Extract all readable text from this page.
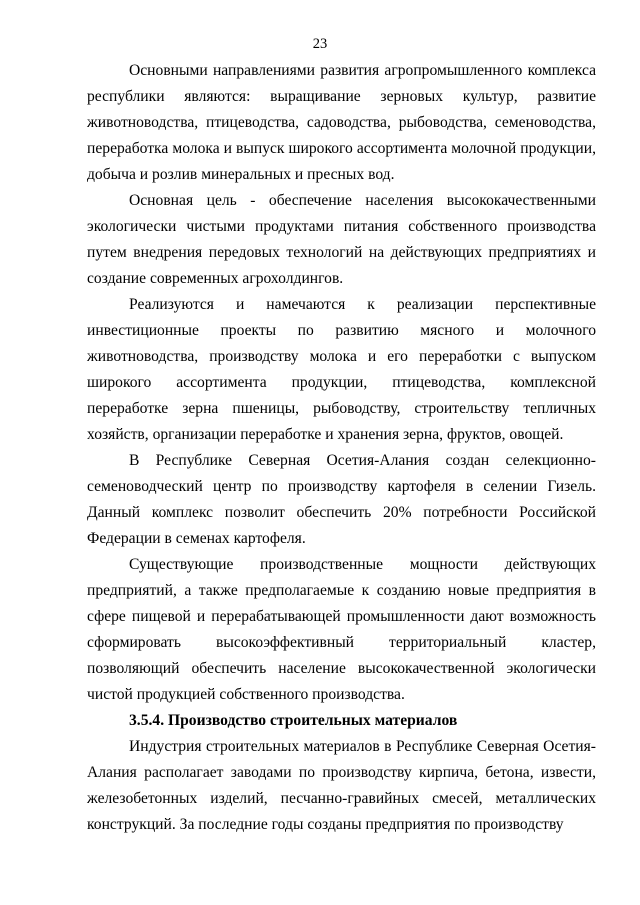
23

Основными направлениями развития агропромышленного комплекса республики являются: выращивание зерновых культур, развитие животноводства, птицеводства, садоводства, рыбоводства, семеноводства, переработка молока и выпуск широкого ассортимента молочной продукции, добыча и розлив минеральных и пресных вод.

Основная цель - обеспечение населения высококачественными экологически чистыми продуктами питания собственного производства путем внедрения передовых технологий на действующих предприятиях и создание современных агрохолдингов.

Реализуются и намечаются к реализации перспективные инвестиционные проекты по развитию мясного и молочного животноводства, производству молока и его переработки с выпуском широкого ассортимента продукции, птицеводства, комплексной переработке зерна пшеницы, рыбоводству, строительству тепличных хозяйств, организации переработке и хранения зерна, фруктов, овощей.

В Республике Северная Осетия-Алания создан селекционно-семеноводческий центр по производству картофеля в селении Гизель. Данный комплекс позволит обеспечить 20% потребности Российской Федерации в семенах картофеля.

Существующие производственные мощности действующих предприятий, а также предполагаемые к созданию новые предприятия в сфере пищевой и перерабатывающей промышленности дают возможность сформировать высокоэффективный территориальный кластер, позволяющий обеспечить население высококачественной экологически чистой продукцией собственного производства.

3.5.4. Производство строительных материалов

Индустрия строительных материалов в Республике Северная Осетия-Алания располагает заводами по производству кирпича, бетона, извести, железобетонных изделий, песчанно-гравийных смесей, металлических конструкций. За последние годы созданы предприятия по производству
